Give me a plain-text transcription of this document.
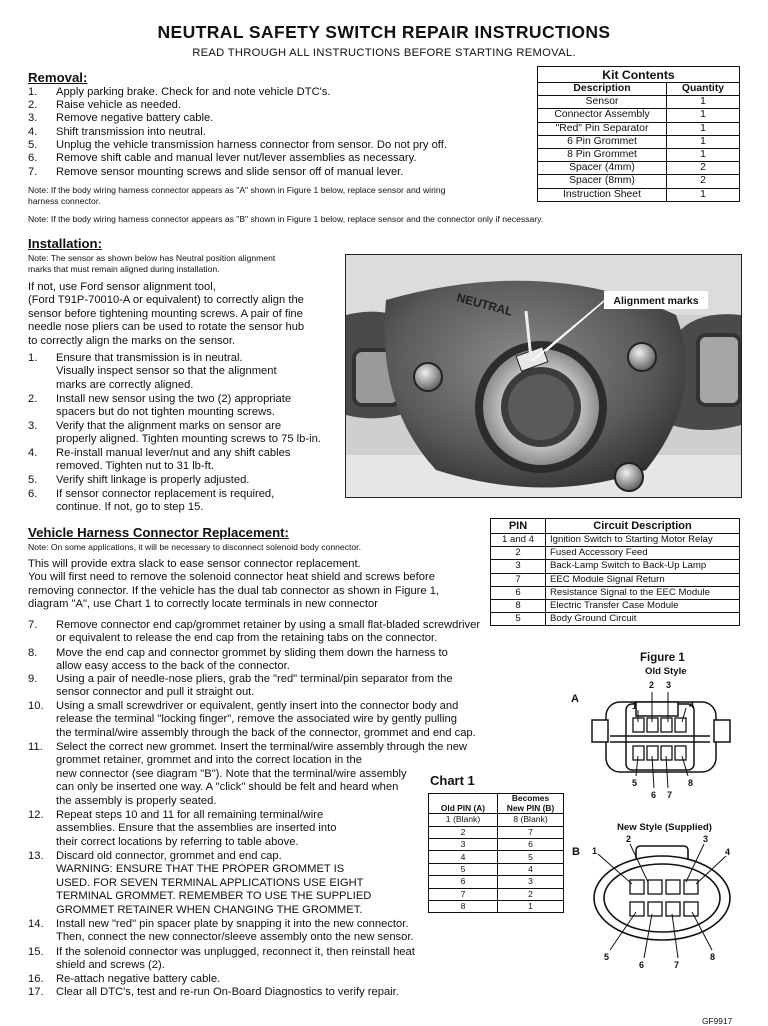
NEUTRAL SAFETY SWITCH REPAIR INSTRUCTIONS
READ THROUGH ALL INSTRUCTIONS BEFORE STARTING REMOVAL.
Removal:
1. Apply parking brake. Check for and note vehicle DTC's.
2. Raise vehicle as needed.
3. Remove negative battery cable.
4. Shift transmission into neutral.
5. Unplug the vehicle transmission harness connector from sensor. Do not pry off.
6. Remove shift cable and manual lever nut/lever assemblies as necessary.
7. Remove sensor mounting screws and slide sensor off of manual lever.
Note: If the body wiring harness connector appears as "A" shown in Figure 1 below, replace sensor and wiring
harness connector.
Note: If the body wiring harness connector appears as "B" shown in Figure 1 below, replace sensor and the connector only if necessary.
Kit Contents	
Description	Quantity
Sensor	1
Connector Assembly	1
"Red" Pin Separator	1
6 Pin Grommet	1
8 Pin Grommet	1
Spacer (4mm)	2
Spacer (8mm)	2
Instruction Sheet	1
Installation:
Note: The sensor as shown below has Neutral position alignment
marks that must remain aligned during installation.
If not, use Ford sensor alignment tool,
(Ford T91P-70010-A or equivalent) to correctly align the
sensor before tightening mounting screws. A pair of fine
needle nose pliers can be used to rotate the sensor hub
to correctly align the marks on the sensor.
1. Ensure that transmission is in neutral.
Visually inspect sensor so that the alignment
marks are correctly aligned.
2. Install new sensor using the two (2) appropriate
spacers but do not tighten mounting screws.
3. Verify that the alignment marks on sensor are
properly aligned. Tighten mounting screws to 75 lb-in.
4. Re-install manual lever/nut and any shift cables
removed. Tighten nut to 31 lb-ft.
5. Verify shift linkage is properly adjusted.
6. If sensor connector replacement is required,
continue. If not, go to step 15.
NEUTRAL	Alignment marks
Vehicle Harness Connector Replacement:
Note: On some applications, it will be necessary to disconnect solenoid body connector.
This will provide extra slack to ease sensor connector replacement.
You will first need to remove the solenoid connector heat shield and screws before
removing connector. If the vehicle has the dual tab connector as shown in Figure 1,
diagram "A", use Chart 1 to correctly locate terminals in new connector
7. Remove connector end cap/grommet retainer by using a small flat-bladed screwdriver
or equivalent to release the end cap from the retaining tabs on the connector.
8. Move the end cap and connector grommet by sliding them down the harness to
allow easy access to the back of the connector.
9. Using a pair of needle-nose pliers, grab the "red" terminal/pin separator from the
sensor connector and pull it straight out.
10. Using a small screwdriver or equivalent, gently insert into the connector body and
release the terminal "locking finger", remove the associated wire by gently pulling
the terminal/wire assembly through the back of the connector, grommet and end cap.
11. Select the correct new grommet. Insert the terminal/wire assembly through the new
grommet retainer, grommet and into the correct location in the
new connector (see diagram "B"). Note that the terminal/wire assembly
can only be inserted one way. A "click" should be felt and heard when
the assembly is properly seated.
12. Repeat steps 10 and 11 for all remaining terminal/wire
assemblies. Ensure that the assemblies are inserted into
their correct locations by referring to table above.
13. Discard old connector, grommet and end cap.
WARNING: ENSURE THAT THE PROPER GROMMET IS
USED. FOR SEVEN TERMINAL APPLICATIONS USE EIGHT
TERMINAL GROMMET. REMEMBER TO USE THE SUPPLIED
GROMMET RETAINER WHEN CHANGING THE GROMMET.
14. Install new "red" pin spacer plate by snapping it into the new connector.
Then, connect the new connector/sleeve assembly onto the new sensor.
15. If the solenoid connector was unplugged, reconnect it, then reinstall heat
shield and screws (2).
16. Re-attach negative battery cable.
17. Clear all DTC's, test and re-run On-Board Diagnostics to verify repair.
PIN	Circuit Description
1 and 4	Ignition Switch to Starting Motor Relay
2	Fused Accessory Feed
3	Back-Lamp Switch to Back-Up Lamp
7	EEC Module Signal Return
6	Resistance Signal to the EEC Module
8	Electric Transfer Case Module
5	Body Ground Circuit
Chart 1
Old PIN (A)	Becomes
New PIN (B)
1 (Blank)	8 (Blank)
2	7
3	6
4	5
5	4
6	3
7	2
8	1
Figure 1
Old Style
A
New Style (Supplied)
B
1
2 3
4
5
6 7
8
1
2	3
4
5
6	7
8
GF9917
